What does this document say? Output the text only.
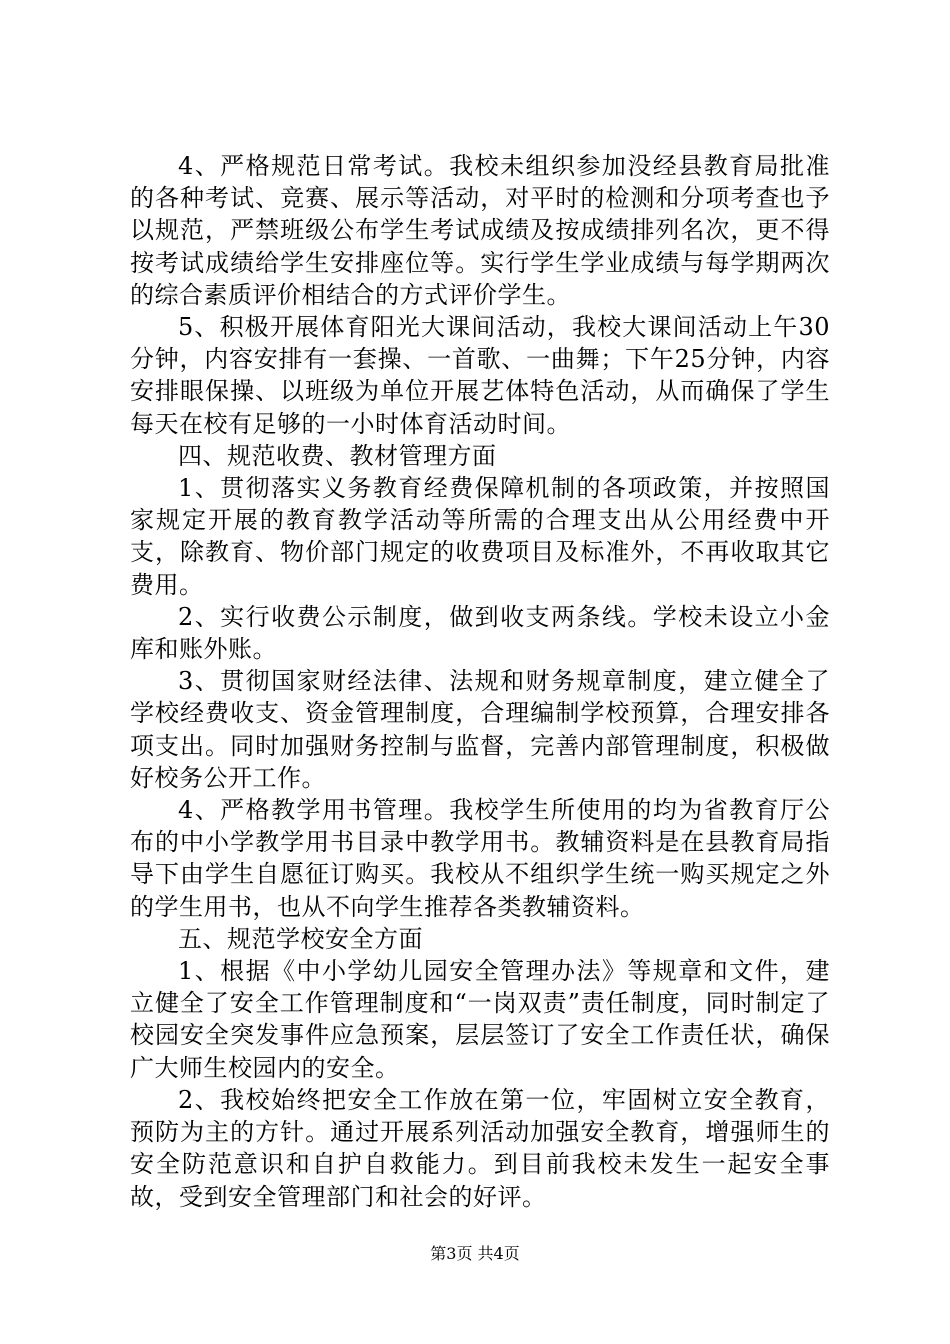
4、严格规范日常考试。我校未组织参加没经县教育局批准的各种考试、竞赛、展示等活动，对平时的检测和分项考查也予以规范，严禁班级公布学生考试成绩及按成绩排列名次，更不得按考试成绩给学生安排座位等。实行学生学业成绩与每学期两次的综合素质评价相结合的方式评价学生。

5、积极开展体育阳光大课间活动，我校大课间活动上午30分钟，内容安排有一套操、一首歌、一曲舞；下午25分钟，内容安排眼保操、以班级为单位开展艺体特色活动，从而确保了学生每天在校有足够的一小时体育活动时间。

四、规范收费、教材管理方面

1、贯彻落实义务教育经费保障机制的各项政策，并按照国家规定开展的教育教学活动等所需的合理支出从公用经费中开支，除教育、物价部门规定的收费项目及标准外，不再收取其它费用。

2、实行收费公示制度，做到收支两条线。学校未设立小金库和账外账。

3、贯彻国家财经法律、法规和财务规章制度，建立健全了学校经费收支、资金管理制度，合理编制学校预算，合理安排各项支出。同时加强财务控制与监督，完善内部管理制度，积极做好校务公开工作。

4、严格教学用书管理。我校学生所使用的均为省教育厅公布的中小学教学用书目录中教学用书。教辅资料是在县教育局指导下由学生自愿征订购买。我校从不组织学生统一购买规定之外的学生用书，也从不向学生推荐各类教辅资料。

五、规范学校安全方面

1、根据《中小学幼儿园安全管理办法》等规章和文件，建立健全了安全工作管理制度和“一岗双责”责任制度，同时制定了校园安全突发事件应急预案，层层签订了安全工作责任状，确保广大师生校园内的安全。

2、我校始终把安全工作放在第一位，牢固树立安全教育，预防为主的方针。通过开展系列活动加强安全教育，增强师生的安全防范意识和自护自救能力。到目前我校未发生一起安全事故，受到安全管理部门和社会的好评。

第3页 共4页
